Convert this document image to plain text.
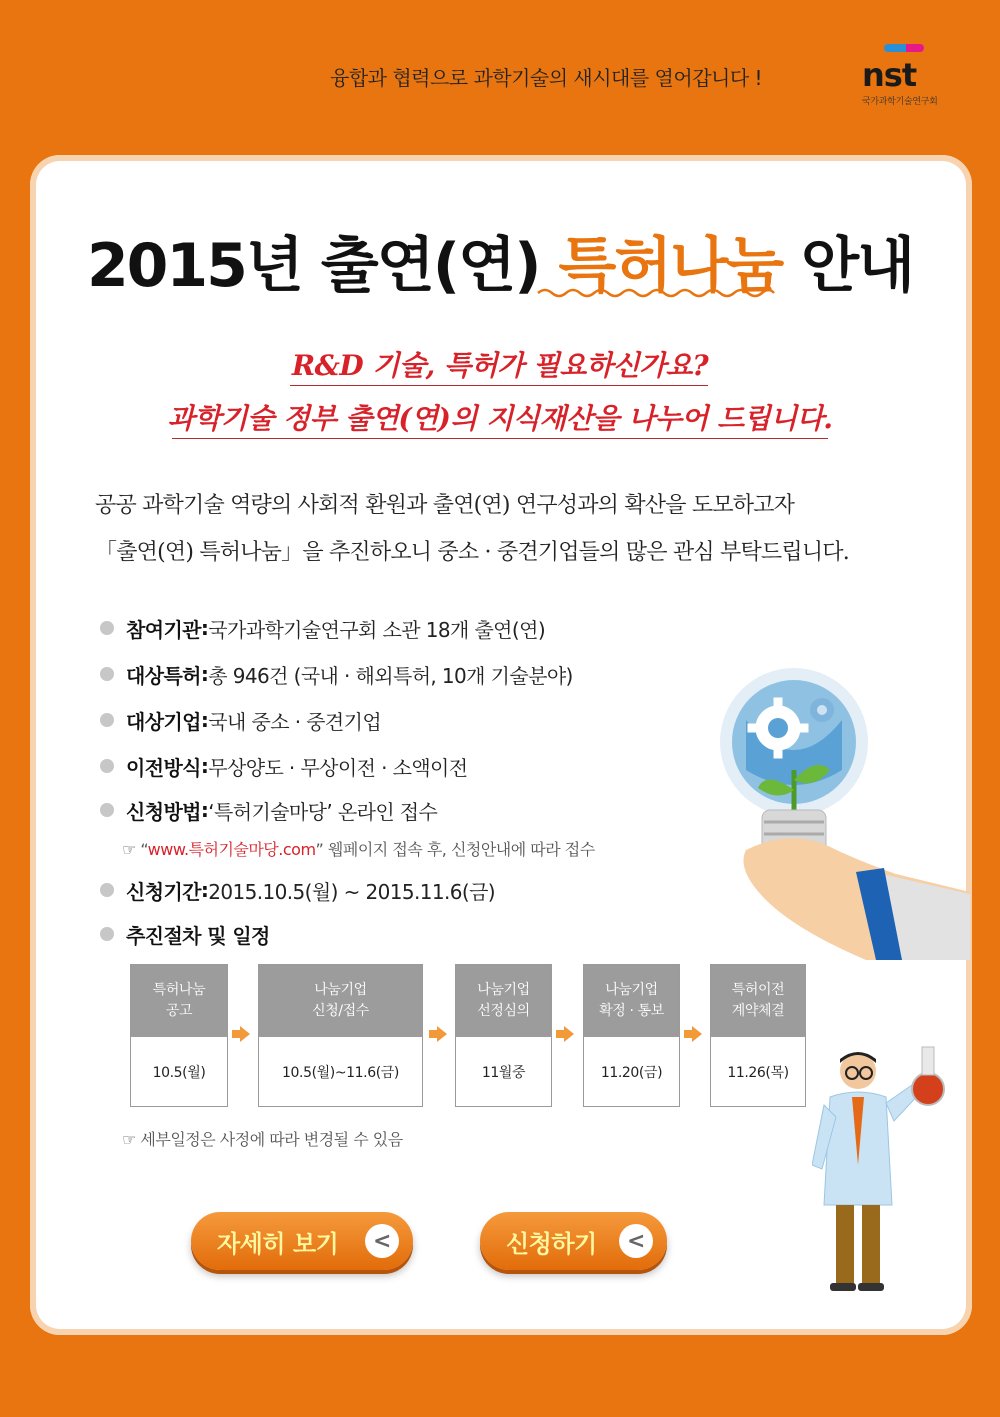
융합과 협력으로 과학기술의 새시대를 열어갑니다 !	nst
국가과학기술연구회
2015년 출연(연) 특허나눔 안내
R&D 기술, 특허가 필요하신가요?
과학기술 정부 출연(연)의 지식재산을 나누어 드립니다.
공공 과학기술 역량의 사회적 환원과 출연(연) 연구성과의 확산을 도모하고자
「출연(연) 특허나눔」을 추진하오니 중소 · 중견기업들의 많은 관심 부탁드립니다.
참여기관 : 국가과학기술연구회 소관 18개 출연(연)
대상특허 : 총 946건 (국내 · 해외특허, 10개 기술분야)
대상기업 : 국내 중소 · 중견기업
이전방식 : 무상양도 · 무상이전 · 소액이전
신청방법 : ‘특허기술마당’ 온라인 접수
신청기간 : 2015.10.5(월) ~ 2015.11.6(금)
추진절차 및 일정
☞ “www.특허기술마당.com” 웹페이지 접속 후, 신청안내에 따라 접수
특허나눔
공고
10.5(월)
나눔기업
신청/접수
10.5(월)~11.6(금)
나눔기업
선정심의
11월중
나눔기업
확정 · 통보
11.20(금)
특허이전
계약체결
11.26(목)
☞ 세부일정은 사정에 따라 변경될 수 있음
자세히 보기	<	신청하기	<
